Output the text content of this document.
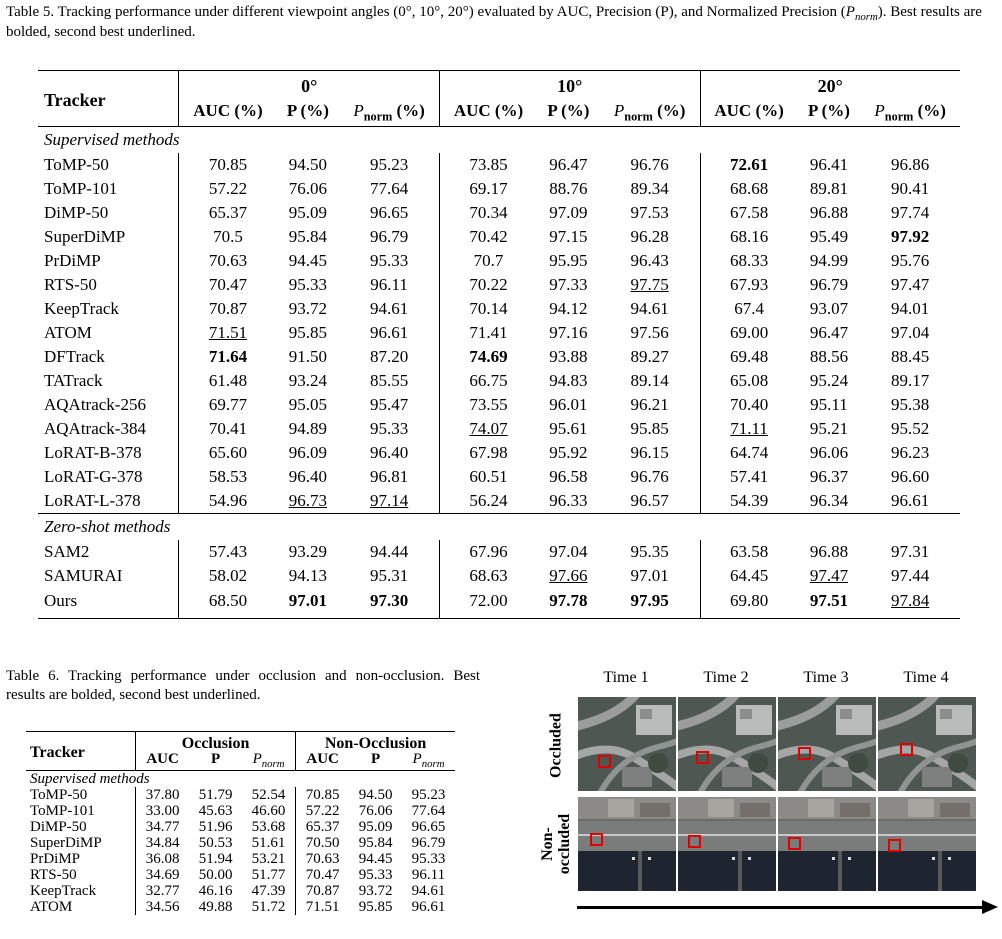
Table 5. Tracking performance under different viewpoint angles (0°, 10°, 20°) evaluated by AUC, Precision (P), and Normalized Precision $(P_{norm})$. Best results are bolded, second best underlined.
Tracker	0°			10°			20°		
	AUC (%)	P (%)	$P_{norm}$ (%)	AUC (%)	P (%)	$P_{norm}$ (%)	AUC (%)	P (%)	$P_{norm}$ (%)
Supervised methods									
ToMP-50	70.85	94.50	95.23	73.85	96.47	96.76	72.61	96.41	96.86
ToMP-101	57.22	76.06	77.64	69.17	88.76	89.34	68.68	89.81	90.41
DiMP-50	65.37	95.09	96.65	70.34	97.09	97.53	67.58	96.88	97.74
SuperDiMP	70.5	95.84	96.79	70.42	97.15	96.28	68.16	95.49	97.92
PrDiMP	70.63	94.45	95.33	70.7	95.95	96.43	68.33	94.99	95.76
RTS-50	70.47	95.33	96.11	70.22	97.33	97.75	67.93	96.79	97.47
KeepTrack	70.87	93.72	94.61	70.14	94.12	94.61	67.4	93.07	94.01
ATOM	71.51	95.85	96.61	71.41	97.16	97.56	69.00	96.47	97.04
DFTrack	71.64	91.50	87.20	74.69	93.88	89.27	69.48	88.56	88.45
TATrack	61.48	93.24	85.55	66.75	94.83	89.14	65.08	95.24	89.17
AQAtrack-256	69.77	95.05	95.47	73.55	96.01	96.21	70.40	95.11	95.38
AQAtrack-384	70.41	94.89	95.33	74.07	95.61	95.85	71.11	95.21	95.52
LoRAT-B-378	65.60	96.09	96.40	67.98	95.92	96.15	64.74	96.06	96.23
LoRAT-G-378	58.53	96.40	96.81	60.51	96.58	96.76	57.41	96.37	96.60
LoRAT-L-378	54.96	96.73	97.14	56.24	96.33	96.57	54.39	96.34	96.61
Zero-shot methods									
SAM2	57.43	93.29	94.44	67.96	97.04	95.35	63.58	96.88	97.31
SAMURAI	58.02	94.13	95.31	68.63	97.66	97.01	64.45	97.47	97.44
Ours	68.50	97.01	97.30	72.00	97.78	97.95	69.80	97.51	97.84
Table 6. Tracking performance under occlusion and non-occlusion. Best results are bolded, second best underlined.
Tracker	Occlusion			Non-Occlusion		
	AUC	P	$P_{norm}$	AUC	P	$P_{norm}$
Supervised methods						
ToMP-50	37.80	51.79	52.54	70.85	94.50	95.23
ToMP-101	33.00	45.63	46.60	57.22	76.06	77.64
DiMP-50	34.77	51.96	53.68	65.37	95.09	96.65
SuperDiMP	34.84	50.53	51.61	70.50	95.84	96.79
PrDiMP	36.08	51.94	53.21	70.63	94.45	95.33
RTS-50	34.69	50.00	51.77	70.47	95.33	96.11
KeepTrack	32.77	46.16	47.39	70.87	93.72	94.61
ATOM	34.56	49.88	51.72	71.51	95.85	96.61
Time 1	Time 2	Time 3	Time 4
Occluded
Non-
occluded
